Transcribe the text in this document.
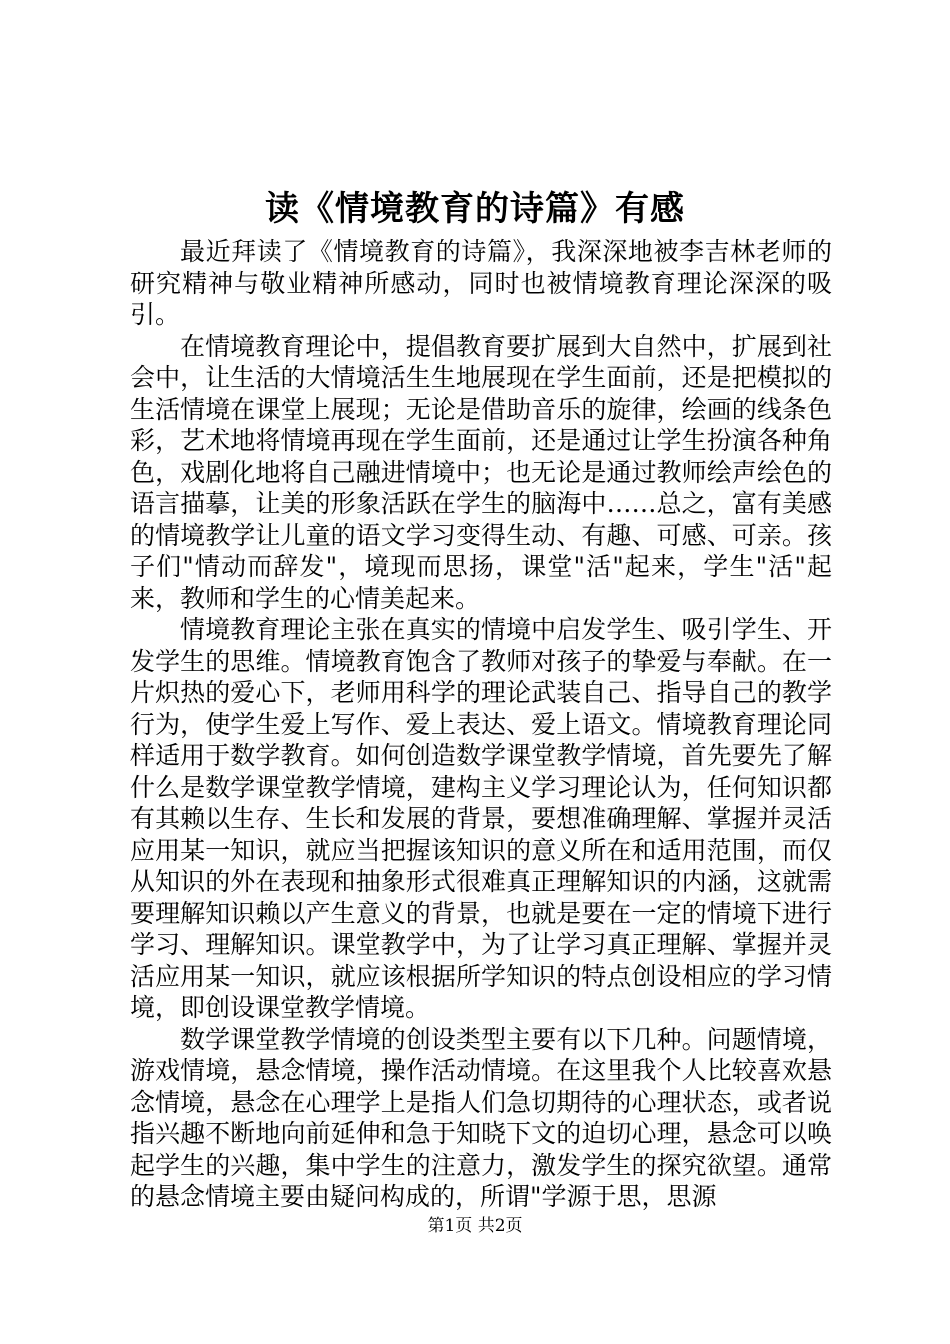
读《情境教育的诗篇》有感

最近拜读了《情境教育的诗篇》，我深深地被李吉林老师的研究精神与敬业精神所感动，同时也被情境教育理论深深的吸引。

在情境教育理论中，提倡教育要扩展到大自然中，扩展到社会中，让生活的大情境活生生地展现在学生面前，还是把模拟的生活情境在课堂上展现；无论是借助音乐的旋律，绘画的线条色彩，艺术地将情境再现在学生面前，还是通过让学生扮演各种角色，戏剧化地将自己融进情境中；也无论是通过教师绘声绘色的语言描摹，让美的形象活跃在学生的脑海中……总之，富有美感的情境教学让儿童的语文学习变得生动、有趣、可感、可亲。孩子们"情动而辞发"，境现而思扬，课堂"活"起来，学生"活"起来，教师和学生的心情美起来。

情境教育理论主张在真实的情境中启发学生、吸引学生、开发学生的思维。情境教育饱含了教师对孩子的挚爱与奉献。在一片炽热的爱心下，老师用科学的理论武装自己、指导自己的教学行为，使学生爱上写作、爱上表达、爱上语文。情境教育理论同样适用于数学教育。如何创造数学课堂教学情境，首先要先了解什么是数学课堂教学情境，建构主义学习理论认为，任何知识都有其赖以生存、生长和发展的背景，要想准确理解、掌握并灵活应用某一知识，就应当把握该知识的意义所在和适用范围，而仅从知识的外在表现和抽象形式很难真正理解知识的内涵，这就需要理解知识赖以产生意义的背景，也就是要在一定的情境下进行学习、理解知识。课堂教学中，为了让学习真正理解、掌握并灵活应用某一知识，就应该根据所学知识的特点创设相应的学习情境，即创设课堂教学情境。

数学课堂教学情境的创设类型主要有以下几种。问题情境，游戏情境，悬念情境，操作活动情境。在这里我个人比较喜欢悬念情境，悬念在心理学上是指人们急切期待的心理状态，或者说指兴趣不断地向前延伸和急于知晓下文的迫切心理，悬念可以唤起学生的兴趣，集中学生的注意力，激发学生的探究欲望。通常的悬念情境主要由疑问构成的，所谓"学源于思，思源

第1页 共2页
